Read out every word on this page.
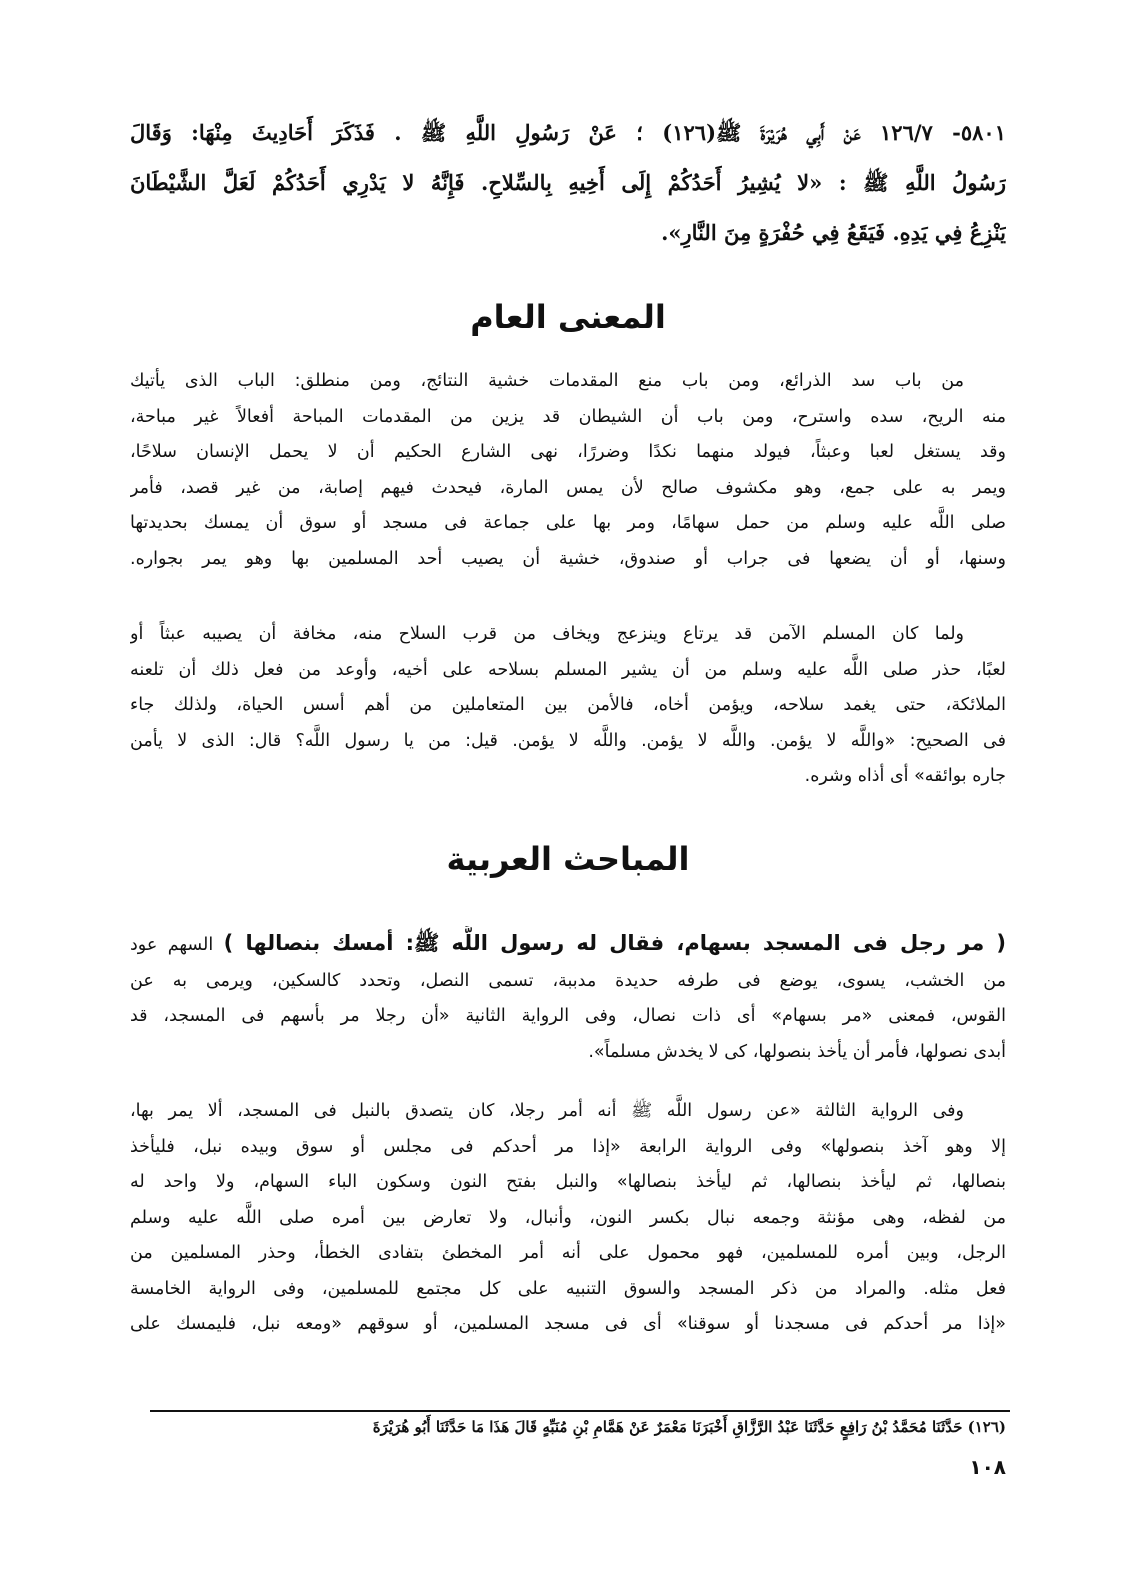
٥٨٠١- ١٢٦/٧ عَنْ أَبِي هُرَيْرَةَ ﷺ(١٢٦) ؛ عَنْ رَسُولِ اللَّهِ ﷺ . فَذَكَرَ أَحَادِيثَ مِنْهَا: وَقَالَ
رَسُولُ اللَّهِ ﷺ : «لا يُشِيرُ أَحَدُكُمْ إِلَى أَخِيهِ بِالسِّلاحِ. فَإِنَّهُ لا يَدْرِي أَحَدُكُمْ لَعَلَّ الشَّيْطَانَ
يَنْزِعُ فِي يَدِهِ. فَيَقَعُ فِي حُفْرَةٍ مِنَ النَّارِ».
المعنى العام
من باب سد الذرائع، ومن باب منع المقدمات خشية النتائج، ومن منطلق: الباب الذى يأتيك
منه الريح، سده واسترح، ومن باب أن الشيطان قد يزين من المقدمات المباحة أفعالاً غير مباحة،
وقد يستغل لعبا وعبثاً، فيولد منهما نكدًا وضررًا، نهى الشارع الحكيم أن لا يحمل الإنسان سلاحًا،
ويمر به على جمع، وهو مكشوف صالح لأن يمس المارة، فيحدث فيهم إصابة، من غير قصد، فأمر
صلى اللَّه عليه وسلم من حمل سهامًا، ومر بها على جماعة فى مسجد أو سوق أن يمسك بحديدتها
وسنها، أو أن يضعها فى جراب أو صندوق، خشية أن يصيب أحد المسلمين بها وهو يمر بجواره.
ولما كان المسلم الآمن قد يرتاع وينزعج ويخاف من قرب السلاح منه، مخافة أن يصيبه عبثاً أو
لعبًا، حذر صلى اللَّه عليه وسلم من أن يشير المسلم بسلاحه على أخيه، وأوعد من فعل ذلك أن تلعنه
الملائكة، حتى يغمد سلاحه، ويؤمن أخاه، فالأمن بين المتعاملين من أهم أسس الحياة، ولذلك جاء
فى الصحيح: «واللَّه لا يؤمن. واللَّه لا يؤمن. واللَّه لا يؤمن. قيل: من يا رسول اللَّه؟ قال: الذى لا يأمن
جاره بوائقه» أى أذاه وشره.
المباحث العربية
( مر رجل فى المسجد بسهام، فقال له رسول اللَّه ﷺ: أمسك بنصالها ) السهم عود
من الخشب، يسوى، يوضع فى طرفه حديدة مدببة، تسمى النصل، وتحدد كالسكين، ويرمى به عن
القوس، فمعنى «مر بسهام» أى ذات نصال، وفى الرواية الثانية «أن رجلا مر بأسهم فى المسجد، قد
أبدى نصولها، فأمر أن يأخذ بنصولها، كى لا يخدش مسلماً».
وفى الرواية الثالثة «عن رسول اللَّه ﷺ أنه أمر رجلا، كان يتصدق بالنبل فى المسجد، ألا يمر بها،
إلا وهو آخذ بنصولها» وفى الرواية الرابعة «إذا مر أحدكم فى مجلس أو سوق وبيده نبل، فليأخذ
بنصالها، ثم ليأخذ بنصالها، ثم ليأخذ بنصالها» والنبل بفتح النون وسكون الباء السهام، ولا واحد له
من لفظه، وهى مؤنثة وجمعه نبال بكسر النون، وأنبال، ولا تعارض بين أمره صلى اللَّه عليه وسلم
الرجل، وبين أمره للمسلمين، فهو محمول على أنه أمر المخطئ بتفادى الخطأ، وحذر المسلمين من
فعل مثله. والمراد من ذكر المسجد والسوق التنبيه على كل مجتمع للمسلمين، وفى الرواية الخامسة
«إذا مر أحدكم فى مسجدنا أو سوقنا» أى فى مسجد المسلمين، أو سوقهم «ومعه نبل، فليمسك على
(١٢٦) حَدَّثَنَا مُحَمَّدُ بْنُ رَافِعٍ حَدَّثَنَا عَبْدُ الرَّزَّاقِ أَخْبَرَنَا مَعْمَرٌ عَنْ هَمَّامِ بْنِ مُنَبِّهٍ قَالَ هَذَا مَا حَدَّثَنَا أَبُو هُرَيْرَةَ
١٠٨
